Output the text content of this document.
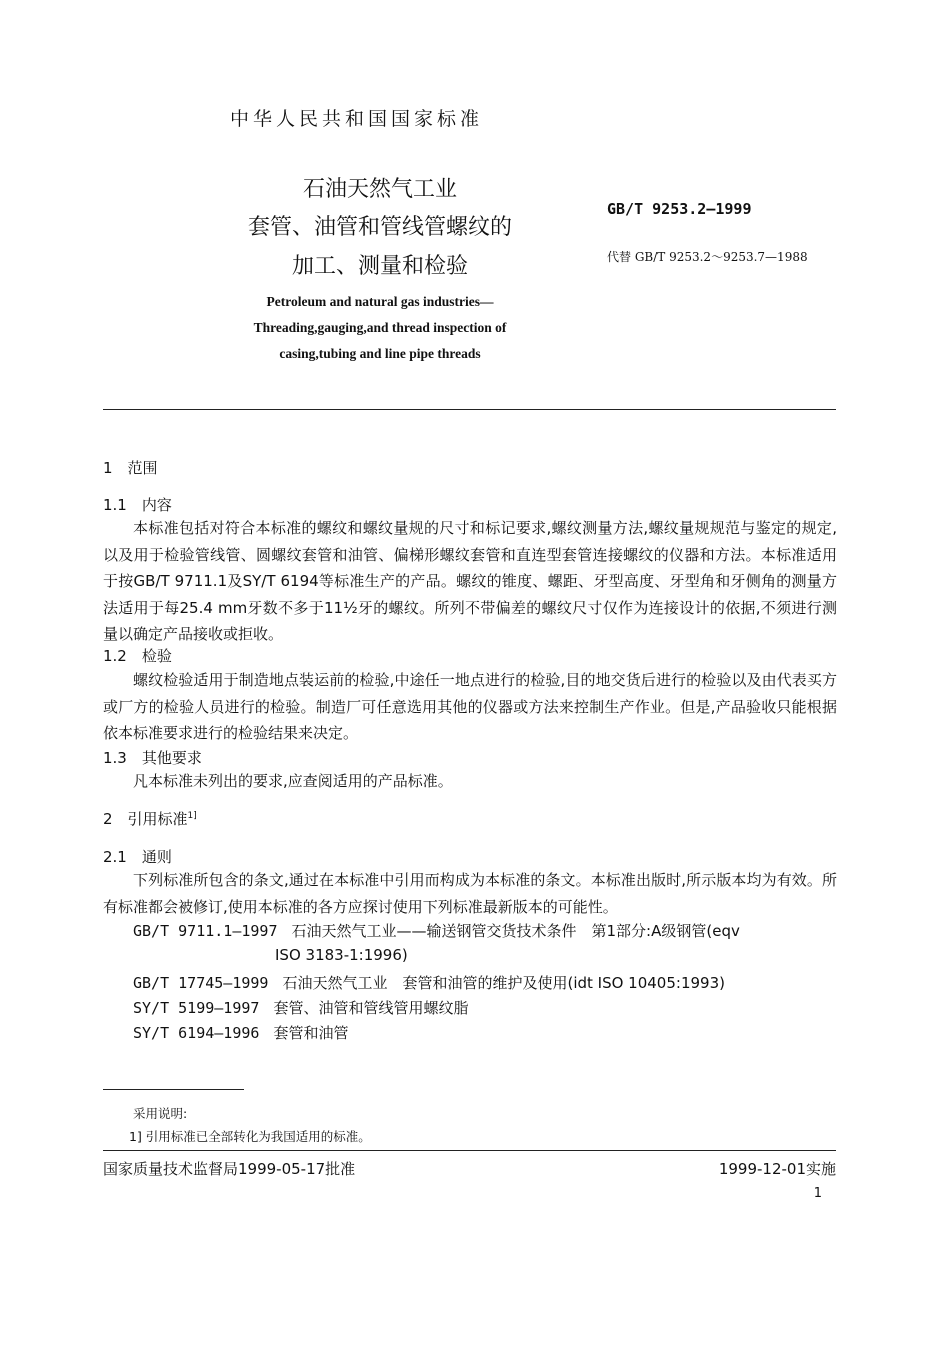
中华人民共和国国家标准
石油天然气工业
套管、油管和管线管螺纹的
加工、测量和检验
GB/T 9253.2—1999
代替 GB/T 9253.2～9253.7—1988
Petroleum and natural gas industries—
Threading,gauging,and thread inspection of
casing,tubing and line pipe threads
1　范围
1.1　内容
本标准包括对符合本标准的螺纹和螺纹量规的尺寸和标记要求,螺纹测量方法,螺纹量规规范与鉴定的规定,以及用于检验管线管、圆螺纹套管和油管、偏梯形螺纹套管和直连型套管连接螺纹的仪器和方法。本标准适用于按GB/T 9711.1及SY/T 6194等标准生产的产品。螺纹的锥度、螺距、牙型高度、牙型角和牙侧角的测量方法适用于每25.4 mm牙数不多于11½牙的螺纹。所列不带偏差的螺纹尺寸仅作为连接设计的依据,不须进行测量以确定产品接收或拒收。
1.2　检验
螺纹检验适用于制造地点装运前的检验,中途任一地点进行的检验,目的地交货后进行的检验以及由代表买方或厂方的检验人员进行的检验。制造厂可任意选用其他的仪器或方法来控制生产作业。但是,产品验收只能根据依本标准要求进行的检验结果来决定。
1.3　其他要求
凡本标准未列出的要求,应查阅适用的产品标准。
2　引用标准$^{1]}$
2.1　通则
下列标准所包含的条文,通过在本标准中引用而构成为本标准的条文。本标准出版时,所示版本均为有效。所有标准都会被修订,使用本标准的各方应探讨使用下列标准最新版本的可能性。
GB/T 9711.1—1997 石油天然气工业——输送钢管交货技术条件　第1部分:A级钢管(eqv
ISO 3183-1:1996)
GB/T 17745—1999 石油天然气工业　套管和油管的维护及使用(idt ISO 10405:1993)
SY/T 5199—1997 套管、油管和管线管用螺纹脂
SY/T 6194—1996 套管和油管
采用说明:
1] 引用标准已全部转化为我国适用的标准。
国家质量技术监督局1999-05-17批准	1999-12-01实施
1
